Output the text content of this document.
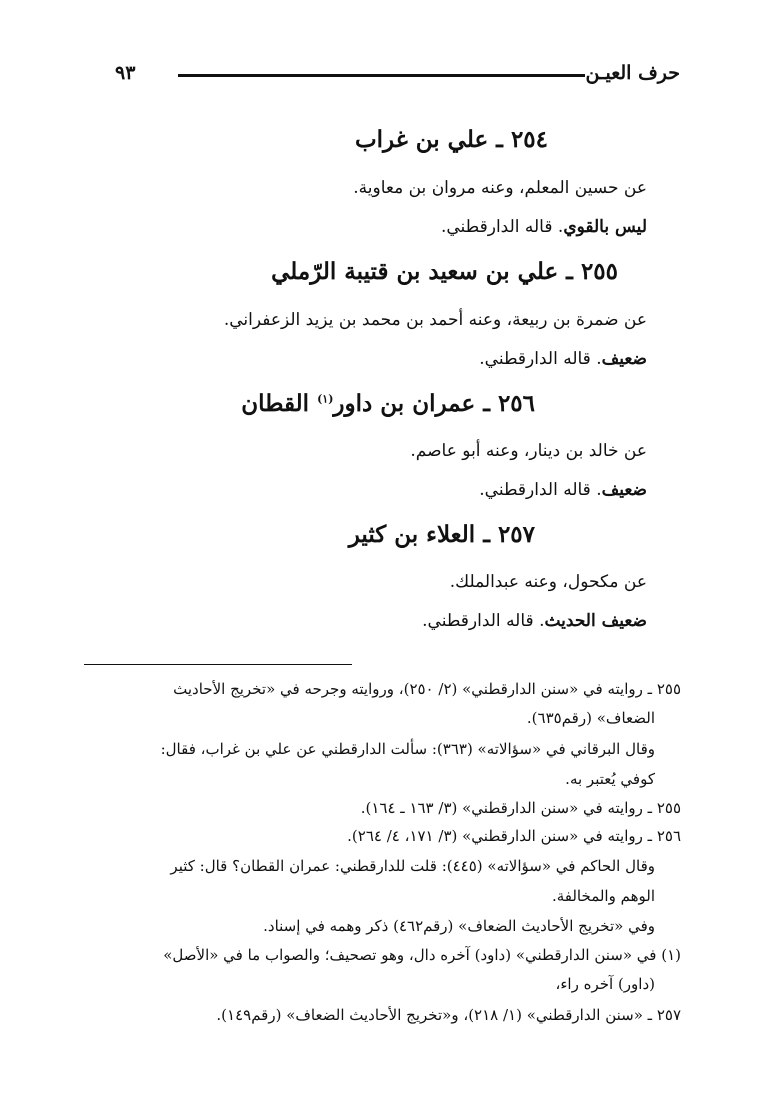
حرف العيـن
٩٣
٢٥٤ ـ علي بن غراب
عن حسين المعلم، وعنه مروان بن معاوية.
ليس بالقوي. قاله الدارقطني.
٢٥٥ ـ علي بن سعيد بن قتيبة الرّملي
عن ضمرة بن ربيعة، وعنه أحمد بن محمد بن يزيد الزعفراني.
ضعيف. قاله الدارقطني.
٢٥٦ ـ عمران بن داور$^{(١)}$ القطان
عن خالد بن دينار، وعنه أبو عاصم.
ضعيف. قاله الدارقطني.
٢٥٧ ـ العلاء بن كثير
عن مكحول، وعنه عبدالملك.
ضعيف الحديث. قاله الدارقطني.
٢٥٥ ـ روايته في «سنن الدارقطني» (٢/ ٢٥٠)، وروايته وجرحه في «تخريج الأحاديث
الضعاف» (رقم٦٣٥).
وقال البرقاني في «سؤالاته» (٣٦٣): سألت الدارقطني عن علي بن غراب، فقال:
كوفي يُعتبر به.
٢٥٥ ـ روايته في «سنن الدارقطني» (٣/ ١٦٣ ـ ١٦٤).
٢٥٦ ـ روايته في «سنن الدارقطني» (٣/ ١٧١، ٤/ ٢٦٤).
وقال الحاكم في «سؤالاته» (٤٤٥): قلت للدارقطني: عمران القطان؟ قال: كثير
الوهم والمخالفة.
وفي «تخريج الأحاديث الضعاف» (رقم٤٦٢) ذكر وهمه في إسناد.
(١) في «سنن الدارقطني» (داود) آخره دال، وهو تصحيف؛ والصواب ما في «الأصل»
(داور) آخره راء،
٢٥٧ ـ «سنن الدارقطني» (١/ ٢١٨)، و«تخريج الأحاديث الضعاف» (رقم١٤٩).
